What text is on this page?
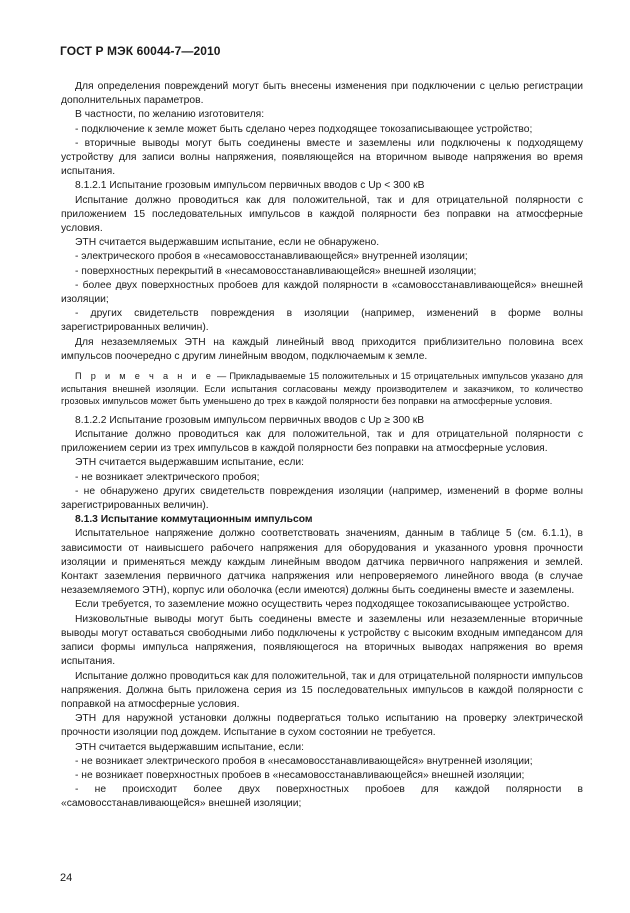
ГОСТ Р МЭК 60044-7—2010

Для определения повреждений могут быть внесены изменения при подключении с целью регистрации дополнительных параметров.

В частности, по желанию изготовителя:

- подключение к земле может быть сделано через подходящее токозаписывающее устройство;

- вторичные выводы могут быть соединены вместе и заземлены или подключены к подходящему устройству для записи волны напряжения, появляющейся на вторичном выводе напряжения во время испытания.

8.1.2.1 Испытание грозовым импульсом первичных вводов с Up < 300 кВ

Испытание должно проводиться как для положительной, так и для отрицательной полярности с приложением 15 последовательных импульсов в каждой полярности без поправки на атмосферные условия.

ЭТН считается выдержавшим испытание, если не обнаружено.

- электрического пробоя в «несамовосстанавливающейся» внутренней изоляции;

- поверхностных перекрытий в «несамовосстанавливающейся» внешней изоляции;

- более двух поверхностных пробоев для каждой полярности в «самовосстанавливающейся» внешней изоляции;

- других свидетельств повреждения в изоляции (например, изменений в форме волны зарегистрированных величин).

Для незаземляемых ЭТН на каждый линейный ввод приходится приблизительно половина всех импульсов поочередно с другим линейным вводом, подключаемым к земле.

П р и м е ч а н и е — Прикладываемые 15 положительных и 15 отрицательных импульсов указано для испытания внешней изоляции. Если испытания согласованы между производителем и заказчиком, то количество грозовых импульсов может быть уменьшено до трех в каждой полярности без поправки на атмосферные условия.

8.1.2.2 Испытание грозовым импульсом первичных вводов с Up ≥ 300 кВ

Испытание должно проводиться как для положительной, так и для отрицательной полярности с приложением серии из трех импульсов в каждой полярности без поправки на атмосферные условия.

ЭТН считается выдержавшим испытание, если:

- не возникает электрического пробоя;

- не обнаружено других свидетельств повреждения изоляции (например, изменений в форме волны зарегистрированных величин).

8.1.3 Испытание коммутационным импульсом

Испытательное напряжение должно соответствовать значениям, данным в таблице 5 (см. 6.1.1), в зависимости от наивысшего рабочего напряжения для оборудования и указанного уровня прочности изоляции и применяться между каждым линейным вводом датчика первичного напряжения и землей. Контакт заземления первичного датчика напряжения или непроверяемого линейного ввода (в случае незаземляемого ЭТН), корпус или оболочка (если имеются) должны быть соединены вместе и заземлены.

Если требуется, то заземление можно осуществить через подходящее токозаписывающее устройство.

Низковольтные выводы могут быть соединены вместе и заземлены или незаземленные вторичные выводы могут оставаться свободными либо подключены к устройству с высоким входным импедансом для записи формы импульса напряжения, появляющегося на вторичных выводах напряжения во время испытания.

Испытание должно проводиться как для положительной, так и для отрицательной полярности импульсов напряжения. Должна быть приложена серия из 15 последовательных импульсов в каждой полярности с поправкой на атмосферные условия.

ЭТН для наружной установки должны подвергаться только испытанию на проверку электрической прочности изоляции под дождем. Испытание в сухом состоянии не требуется.

ЭТН считается выдержавшим испытание, если:

- не возникает электрического пробоя в «несамовосстанавливающейся» внутренней изоляции;

- не возникает поверхностных пробоев в «несамовосстанавливающейся» внешней изоляции;

- не происходит более двух поверхностных пробоев для каждой полярности в «самовосстанавливающейся» внешней изоляции;

24
